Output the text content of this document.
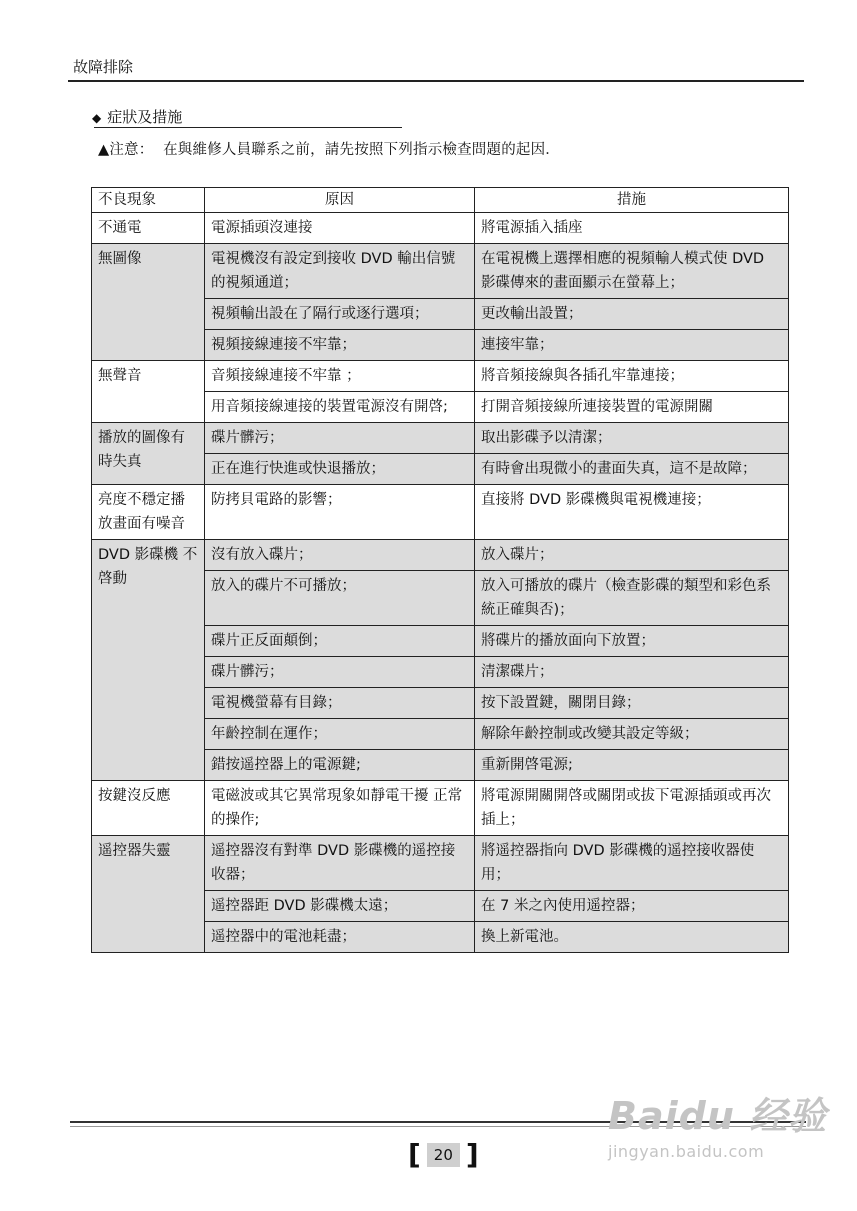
故障排除
◆ 症狀及措施
▲注意： 在與維修人員聯系之前，請先按照下列指示檢查問題的起因．
不良現象	原因	措施
不通電	電源插頭沒連接	將電源插入插座
無圖像	電視機沒有設定到接收 DVD 輸出信號的視頻通道；	在電視機上選擇相應的視頻輸人模式使 DVD 影碟傳來的畫面顯示在螢幕上；
	視頻輸出設在了隔行或逐行選項；	更改輸出設置；
	視頻接線連接不牢靠；	連接牢靠；
無聲音	音頻接線連接不牢靠 ；	將音頻接線與各插孔牢靠連接；
	用音頻接線連接的裝置電源沒有開啓;	打開音頻接線所連接裝置的電源開關
播放的圖像有時失真	碟片髒污；	取出影碟予以清潔；
	正在進行快進或快退播放；	有時會出現微小的畫面失真，這不是故障；
亮度不穩定播放畫面有噪音	防拷貝電路的影響；	直接將 DVD 影碟機與電視機連接；
DVD 影碟機 不啓動	沒有放入碟片；	放入碟片；
	放入的碟片不可播放；	放入可播放的碟片（檢查影碟的類型和彩色系統正確與否)；
	碟片正反面顛倒；	將碟片的播放面向下放置；
	碟片髒污；	清潔碟片；
	電視機螢幕有目錄；	按下設置鍵，關閉目錄；
	年齡控制在運作；	解除年齡控制或改變其設定等級；
	錯按遥控器上的電源鍵;	重新開啓電源;
按鍵沒反應	電磁波或其它異常現象如靜電干擾 正常的操作;	將電源開關開啓或關閉或拔下電源插頭或再次插上；
遥控器失靈	遥控器沒有對準 DVD 影碟機的遥控接收器；	將遥控器指向 DVD 影碟機的遥控接收器使用；
	遥控器距 DVD 影碟機太遠；	在 7 米之內使用遥控器；
	遥控器中的電池耗盡；	換上新電池。
[ 20 ]
Baidu 经验
jingyan.baidu.com
